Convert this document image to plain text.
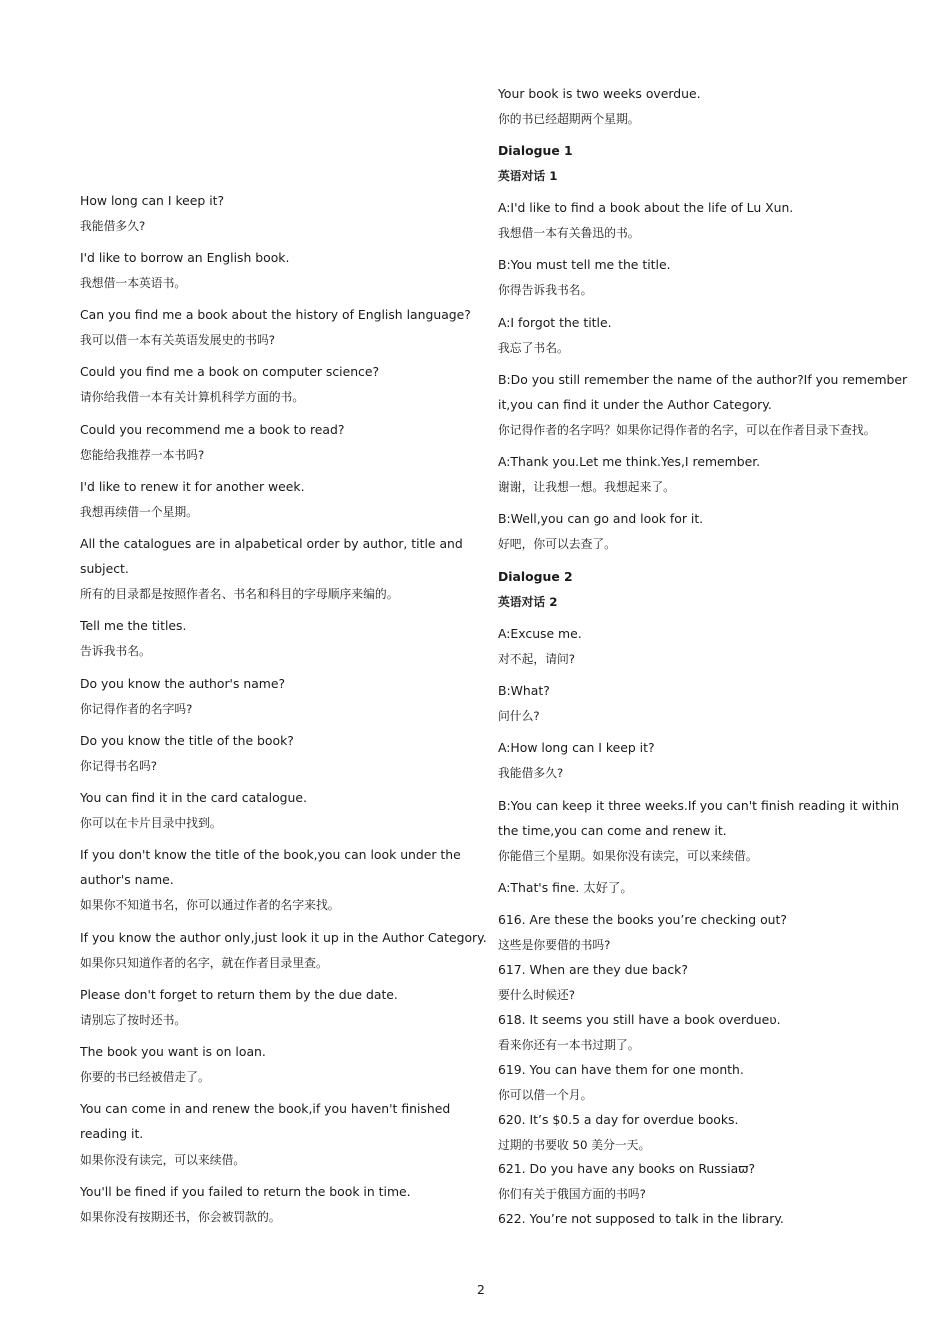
How long can I keep it?
我能借多久?
I'd like to borrow an English book.
我想借一本英语书。
Can you find me a book about the history of English language?
我可以借一本有关英语发展史的书吗?
Could you find me a book on computer science?
请你给我借一本有关计算机科学方面的书。
Could you recommend me a book to read?
您能给我推荐一本书吗?
I'd like to renew it for another week.
我想再续借一个星期。
All the catalogues are in alpabetical order by author, title and
subject.
所有的目录都是按照作者名、书名和科目的字母顺序来编的。
Tell me the titles.
告诉我书名。
Do you know the author's name?
你记得作者的名字吗?
Do you know the title of the book?
你记得书名吗?
You can find it in the card catalogue.
你可以在卡片目录中找到。
If you don't know the title of the book,you can look under the
author's name.
如果你不知道书名，你可以通过作者的名字来找。
If you know the author only,just look it up in the Author Category.
如果你只知道作者的名字，就在作者目录里查。
Please don't forget to return them by the due date.
请别忘了按时还书。
The book you want is on loan.
你要的书已经被借走了。
You can come in and renew the book,if you haven't finished
reading it.
如果你没有读完，可以来续借。
You'll be fined if you failed to return the book in time.
如果你没有按期还书，你会被罚款的。
Your book is two weeks overdue.
你的书已经超期两个星期。
Dialogue 1
英语对话 1
A:I'd like to find a book about the life of Lu Xun.
我想借一本有关鲁迅的书。
B:You must tell me the title.
你得告诉我书名。
A:I forgot the title.
我忘了书名。
B:Do you still remember the name of the author?If you remember
it,you can find it under the Author Category.
你记得作者的名字吗？如果你记得作者的名字，可以在作者目录下查找。
A:Thank you.Let me think.Yes,I remember.
谢谢，让我想一想。我想起来了。
B:Well,you can go and look for it.
好吧，你可以去查了。
Dialogue 2
英语对话 2
A:Excuse me.
对不起，请问?
B:What?
问什么?
A:How long can I keep it?
我能借多久?
B:You can keep it three weeks.If you can't finish reading it within
the time,you can come and renew it.
你能借三个星期。如果你没有读完，可以来续借。
A:That's fine. 太好了。
616. Are these the books you’re checking out?
这些是你要借的书吗?
617. When are they due back?
要什么时候还?
618. It seems you still have a book overdueʋ.
看来你还有一本书过期了。
619. You can have them for one month.
你可以借一个月。
620. It’s $0.5 a day for overdue books.
过期的书要收 50 美分一天。
621. Do you have any books on Russiaϖ?
你们有关于俄国方面的书吗?
622. You’re not supposed to talk in the library.
2
